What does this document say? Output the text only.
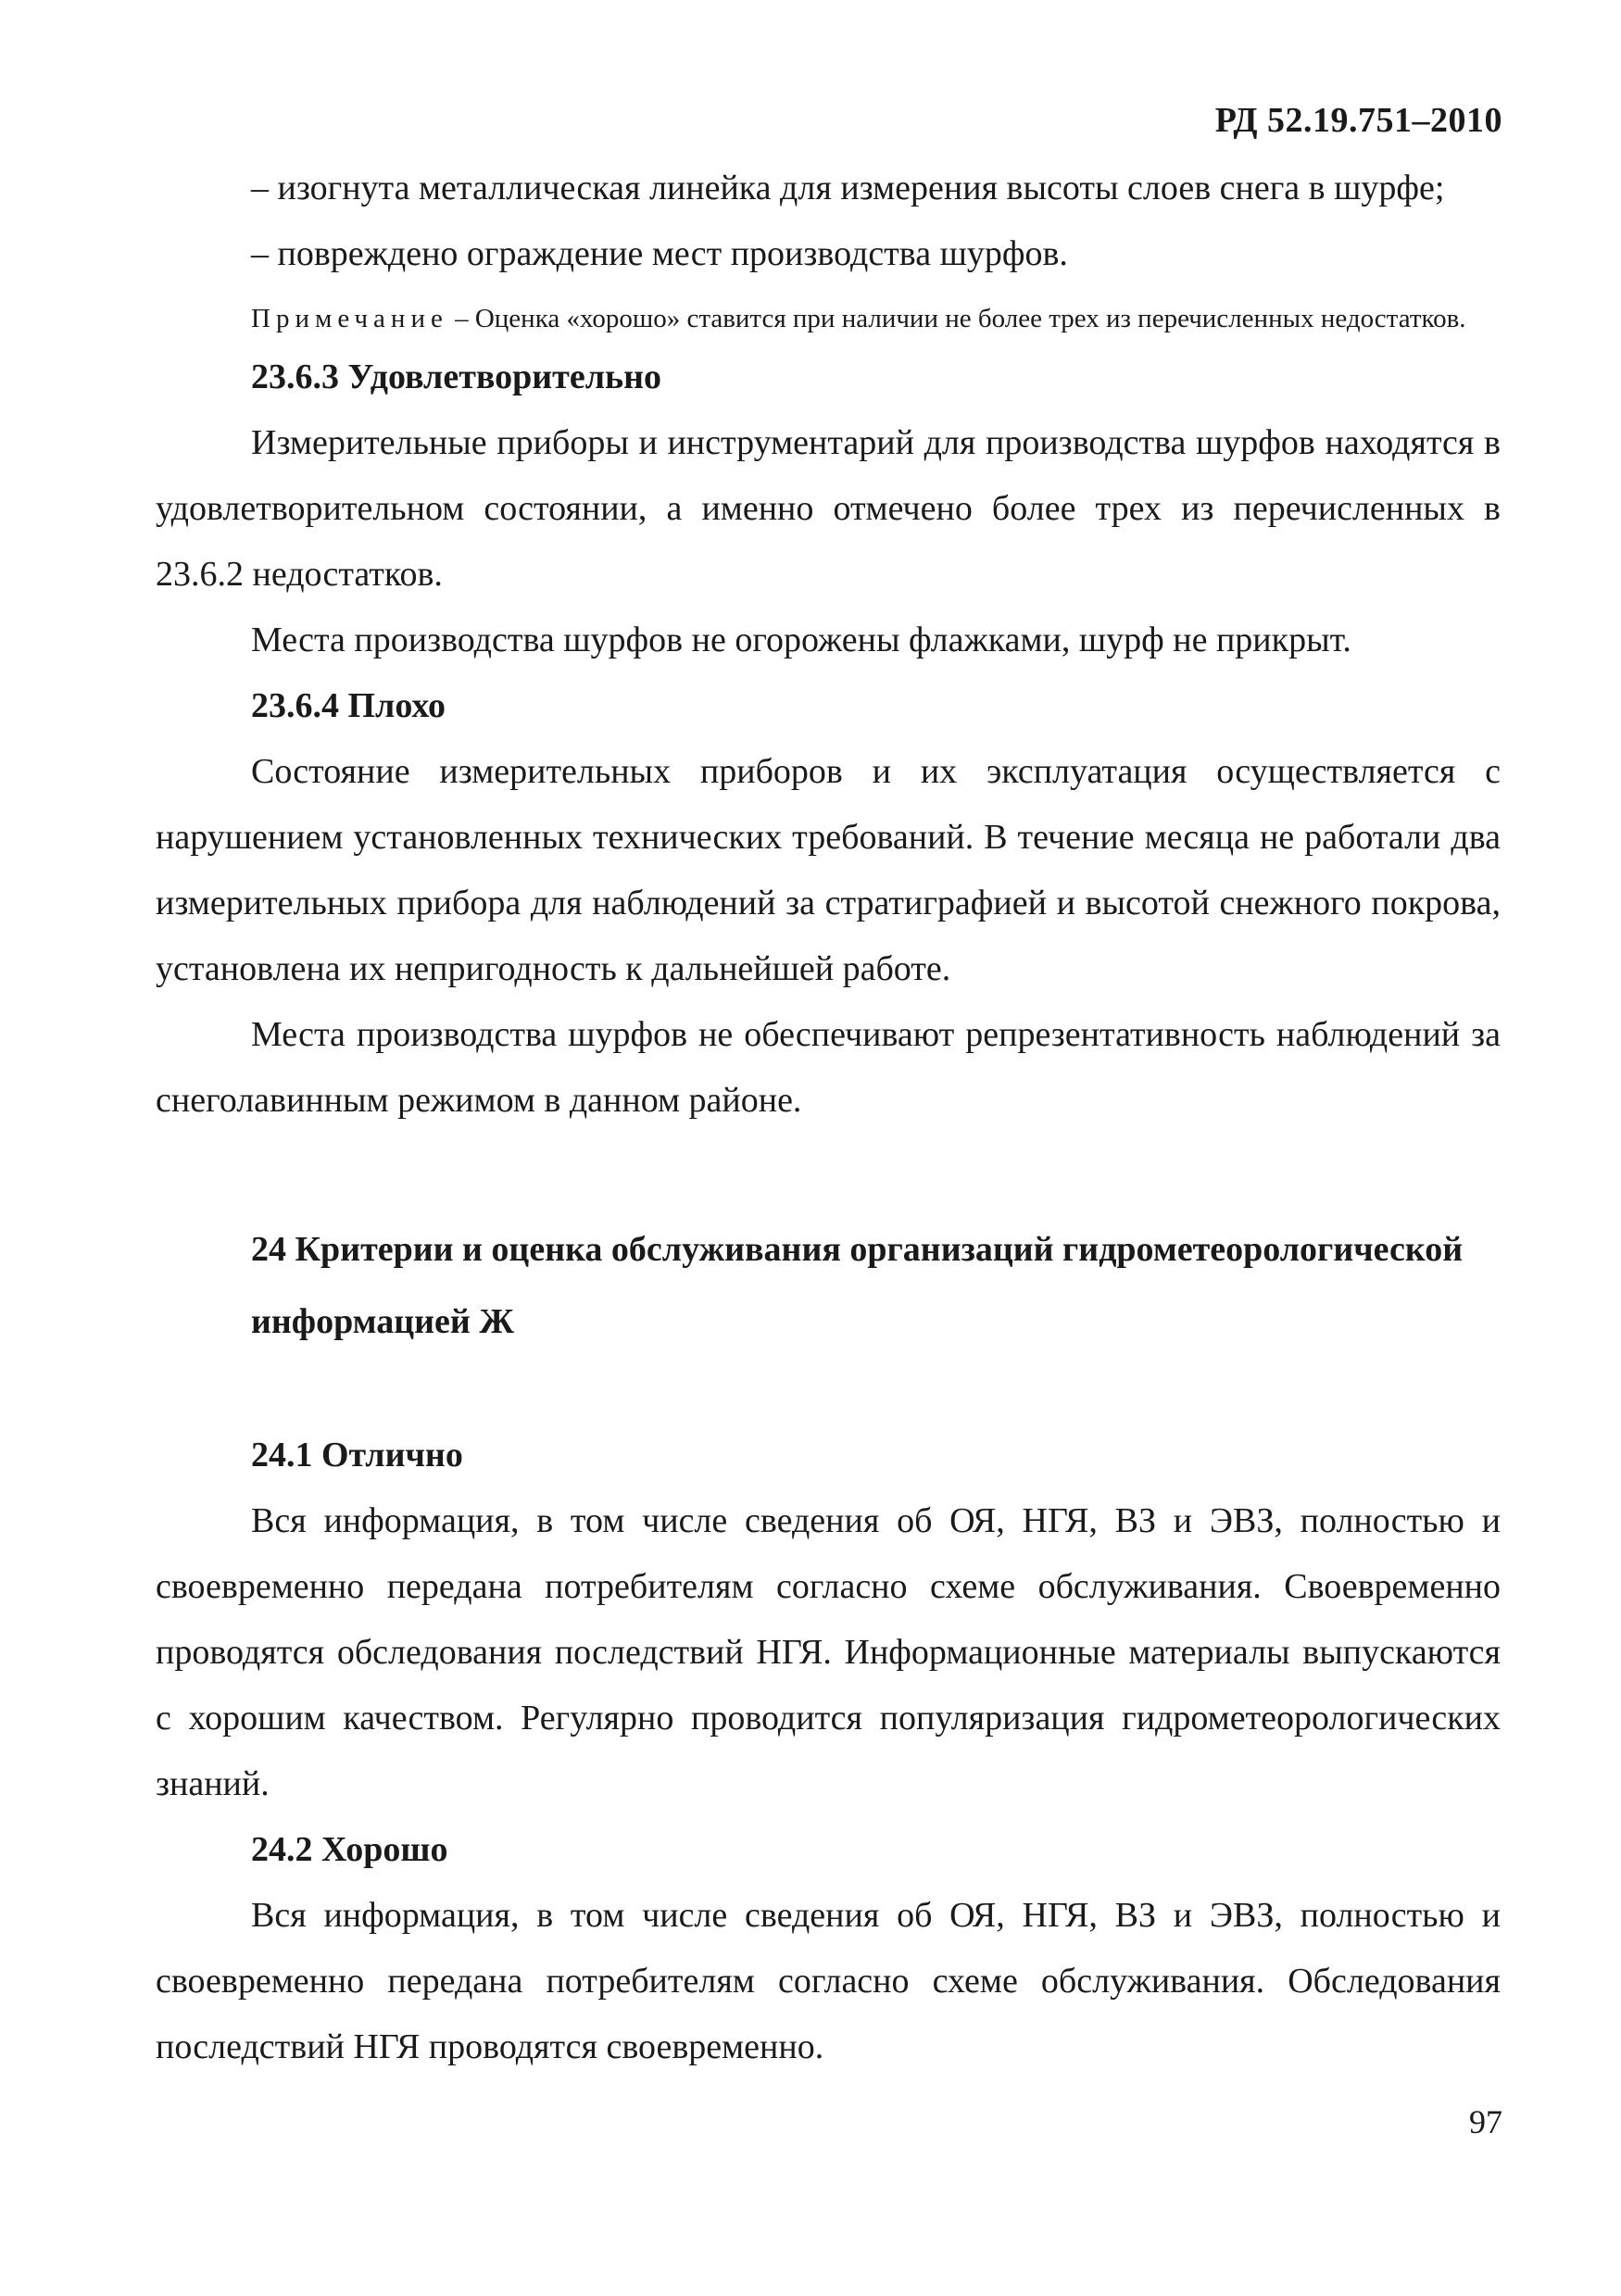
РД 52.19.751–2010

– изогнута металлическая линейка для измерения высоты слоев снега в шурфе;

– повреждено ограждение мест производства шурфов.

Примечание – Оценка «хорошо» ставится при наличии не более трех из перечисленных недостатков.

23.6.3 Удовлетворительно

Измерительные приборы и инструментарий для производства шурфов находятся в удовлетворительном состоянии, а именно отмечено более трех из перечисленных в 23.6.2 недостатков.

Места производства шурфов не огорожены флажками, шурф не прикрыт.

23.6.4 Плохо

Состояние измерительных приборов и их эксплуатация осуществляется с нарушением установленных технических требований. В течение месяца не работали два измерительных прибора для наблюдений за стратиграфией и высотой снежного покрова, установлена их непригодность к дальнейшей работе.

Места производства шурфов не обеспечивают репрезентативность наблюдений за снеголавинным режимом в данном районе.

24 Критерии и оценка обслуживания организаций гидрометеорологической информацией Ж

24.1 Отлично

Вся информация, в том числе сведения об ОЯ, НГЯ, ВЗ и ЭВЗ, полностью и своевременно передана потребителям согласно схеме обслуживания. Своевременно проводятся обследования последствий НГЯ. Информационные материалы выпускаются с хорошим качеством. Регулярно проводится популяризация гидрометеорологических знаний.

24.2 Хорошо

Вся информация, в том числе сведения об ОЯ, НГЯ, ВЗ и ЭВЗ, полностью и своевременно передана потребителям согласно схеме обслуживания. Обследования последствий НГЯ проводятся своевременно.

97
